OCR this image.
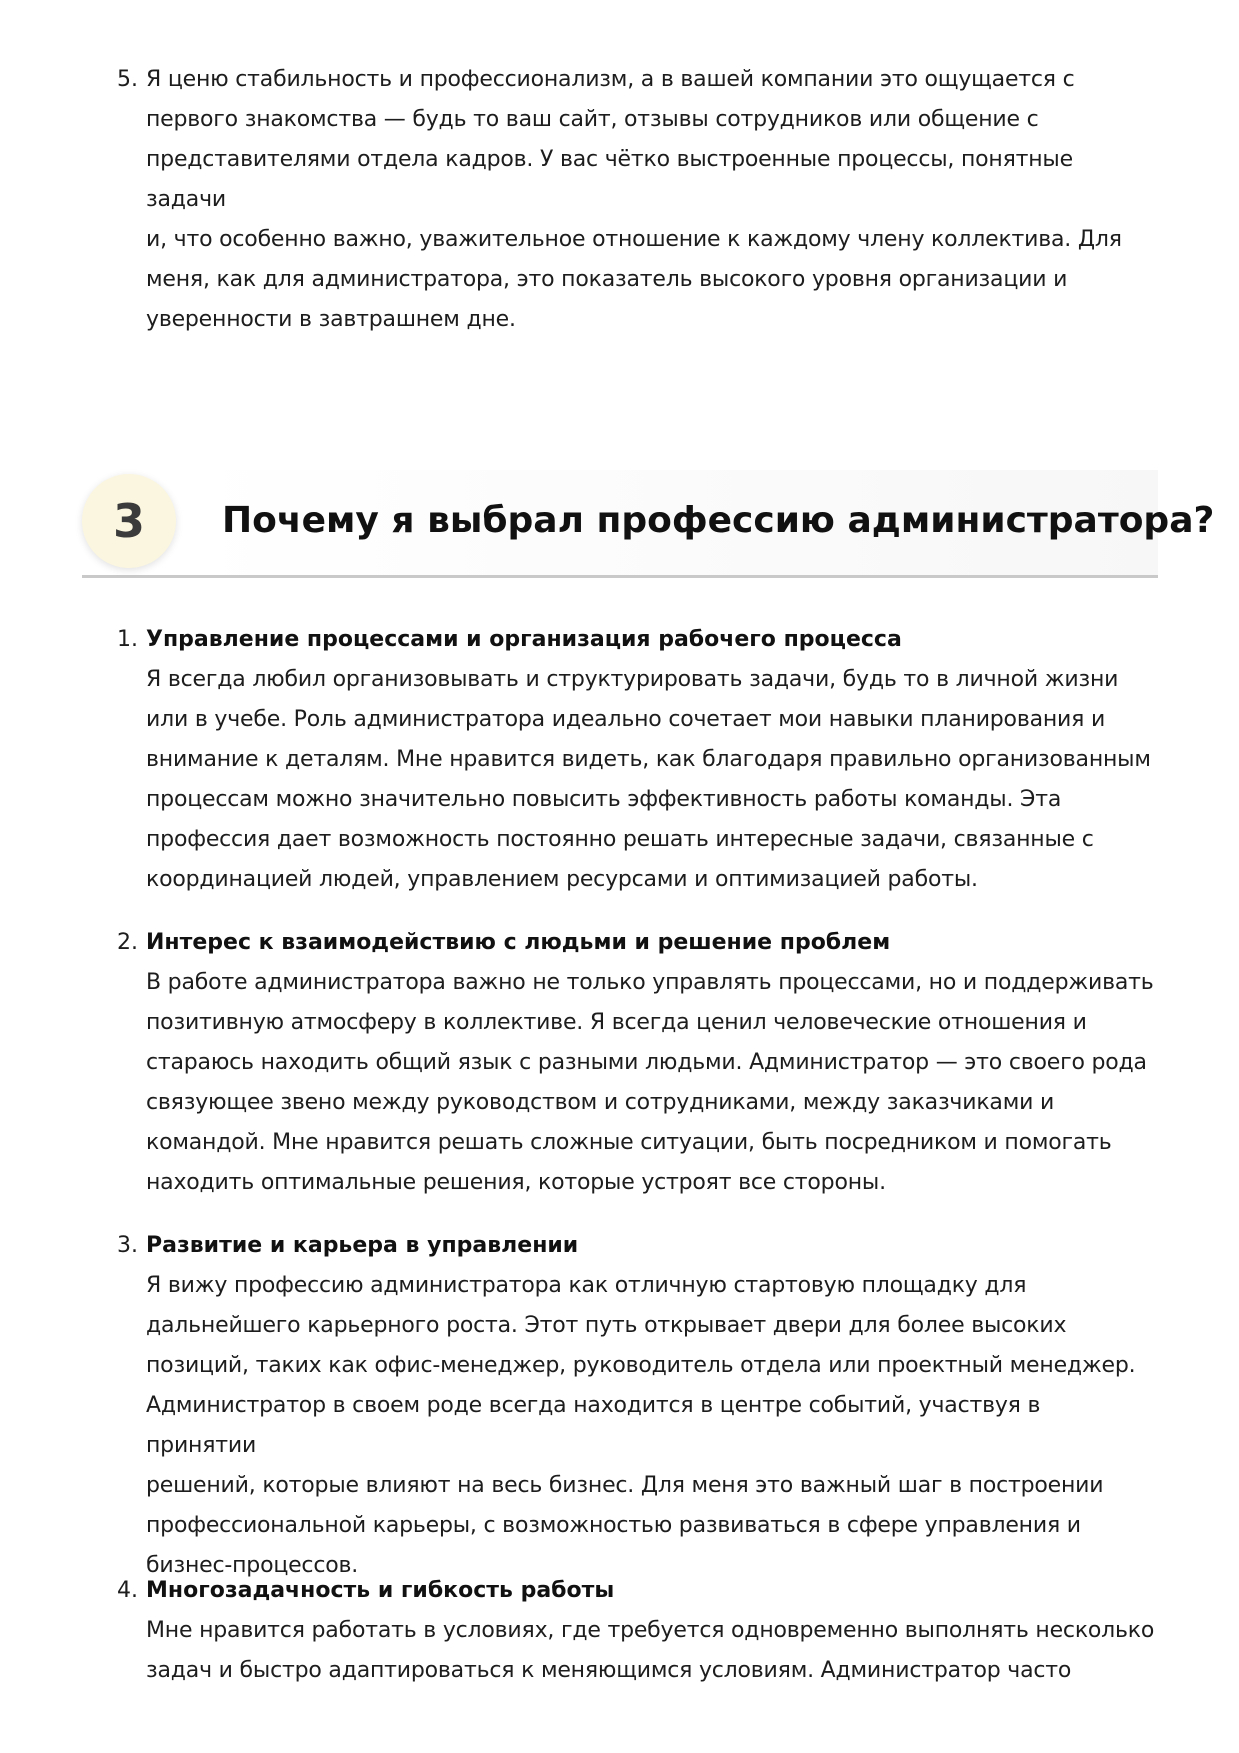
5. Я ценю стабильность и профессионализм, а в вашей компании это ощущается с

первого знакомства — будь то ваш сайт, отзывы сотрудников или общение с

представителями отдела кадров. У вас чётко выстроенные процессы, понятные задачи

и, что особенно важно, уважительное отношение к каждому члену коллектива. Для

меня, как для администратора, это показатель высокого уровня организации и

уверенности в завтрашнем дне.

3	Почему я выбрал профессию администратора?
1. Управление процессами и организация рабочего процесса

Я всегда любил организовывать и структурировать задачи, будь то в личной жизни

или в учебе. Роль администратора идеально сочетает мои навыки планирования и

внимание к деталям. Мне нравится видеть, как благодаря правильно организованным

процессам можно значительно повысить эффективность работы команды. Эта

профессия дает возможность постоянно решать интересные задачи, связанные с

координацией людей, управлением ресурсами и оптимизацией работы.

2. Интерес к взаимодействию с людьми и решение проблем

В работе администратора важно не только управлять процессами, но и поддерживать

позитивную атмосферу в коллективе. Я всегда ценил человеческие отношения и

стараюсь находить общий язык с разными людьми. Администратор — это своего рода

связующее звено между руководством и сотрудниками, между заказчиками и

командой. Мне нравится решать сложные ситуации, быть посредником и помогать

находить оптимальные решения, которые устроят все стороны.

3. Развитие и карьера в управлении

Я вижу профессию администратора как отличную стартовую площадку для

дальнейшего карьерного роста. Этот путь открывает двери для более высоких

позиций, таких как офис-менеджер, руководитель отдела или проектный менеджер.

Администратор в своем роде всегда находится в центре событий, участвуя в принятии

решений, которые влияют на весь бизнес. Для меня это важный шаг в построении

профессиональной карьеры, с возможностью развиваться в сфере управления и

бизнес-процессов.

4. Многозадачность и гибкость работы

Мне нравится работать в условиях, где требуется одновременно выполнять несколько

задач и быстро адаптироваться к меняющимся условиям. Администратор часто
